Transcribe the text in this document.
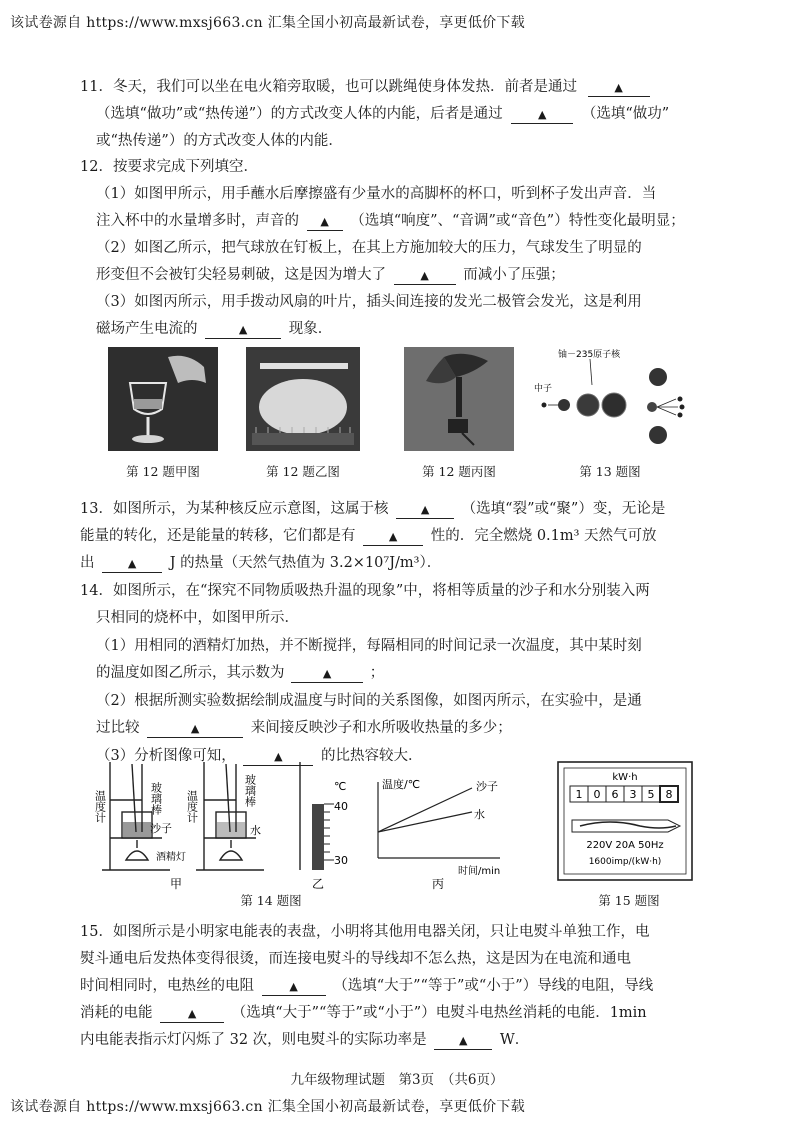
该试卷源自 https://www.mxsj663.cn 汇集全国小初高最新试卷，享更低价下载
11．冬天，我们可以坐在电火箱旁取暖，也可以跳绳使身体发热．前者是通过	▲
（选填“做功”或“热传递”）的方式改变人体的内能，后者是通过	▲ （选填“做功”
或“热传递”）的方式改变人体的内能．
12．按要求完成下列填空．
（1）如图甲所示，用手蘸水后摩擦盛有少量水的高脚杯的杯口，听到杯子发出声音．当
注入杯中的水量增多时，声音的 ▲ （选填“响度”、“音调”或“音色”）特性变化最明显；
（2）如图乙所示，把气球放在钉板上，在其上方施加较大的压力，气球发生了明显的
形变但不会被钉尖轻易刺破，这是因为增大了	▲ 而减小了压强；
（3）如图丙所示，用手拨动风扇的叶片，插头间连接的发光二极管会发光，这是利用
磁场产生电流的	▲	现象．
中子
铀－235原子核
第 12 题甲图	第 12 题乙图	第 12 题丙图	第 13 题图
13．如图所示，为某种核反应示意图，这属于核	▲ （选填“裂”或“聚”）变，无论是
能量的转化，还是能量的转移，它们都是有	▲ 性的．完全燃烧 0.1m³ 天然气可放
出	▲ J 的热量（天然气热值为 3.2×10⁷J/m³）．
14．如图所示，在“探究不同物质吸热升温的现象”中，将相等质量的沙子和水分别装入两
只相同的烧杯中，如图甲所示．
（1）用相同的酒精灯加热，并不断搅拌，每隔相同的时间记录一次温度，其中某时刻
的温度如图乙所示，其示数为	▲	；
（2）根据所测实验数据绘制成温度与时间的关系图像，如图丙所示，在实验中，是通
过比较	▲	来间接反映沙子和水所吸收热量的多少；
（3）分析图像可知，	▲	的比热容较大．
温度计	玻璃棒
沙子
温度计	玻璃棒
水
酒精灯
甲
℃
40
30
乙
温度/℃
时间/min
沙子
水
丙
kW·h
1 0 6 3 5 8
220V 20A 50Hz
1600imp/(kW·h)
第 14 题图	第 15 题图
15．如图所示是小明家电能表的表盘，小明将其他用电器关闭，只让电熨斗单独工作，电
熨斗通电后发热体变得很烫，而连接电熨斗的导线却不怎么热，这是因为在电流和通电
时间相同时，电热丝的电阻	▲ （选填“大于”“等于”或“小于”）导线的电阻，导线
消耗的电能	▲ （选填“大于”“等于”或“小于”）电熨斗电热丝消耗的电能．1min
内电能表指示灯闪烁了 32 次，则电熨斗的实际功率是	▲ W．
九年级物理试题　第3页　（共6页）
该试卷源自 https://www.mxsj663.cn 汇集全国小初高最新试卷，享更低价下载
